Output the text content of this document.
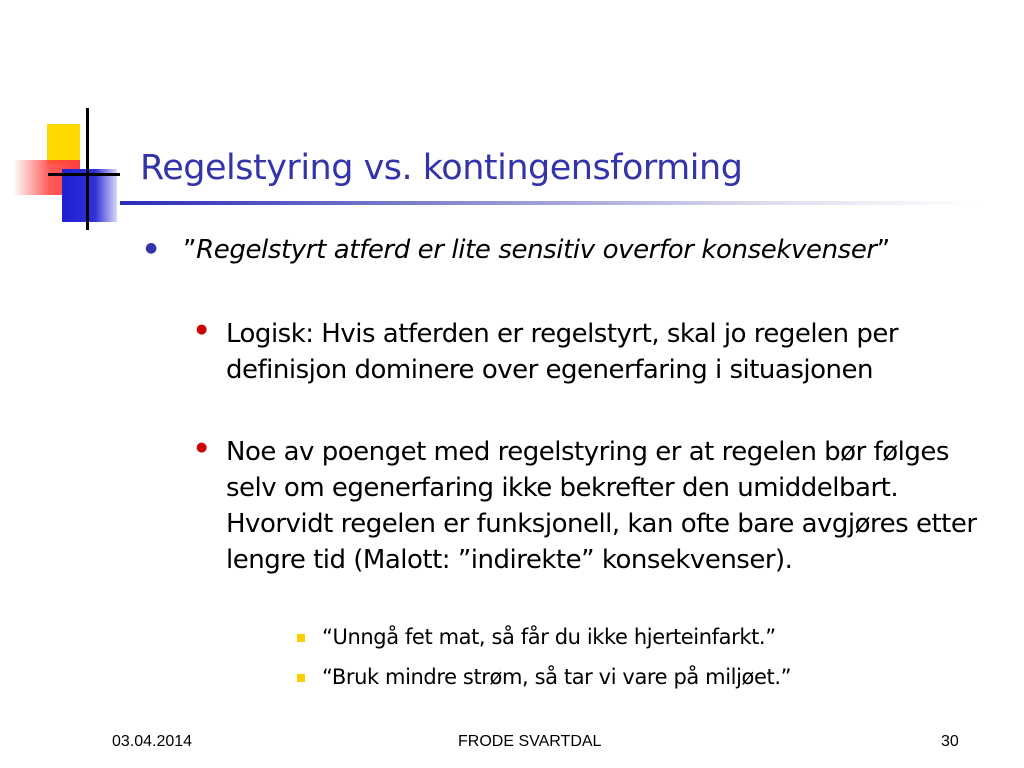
Regelstyring vs. kontingensforming
● ”Regelstyrt atferd er lite sensitiv overfor konsekvenser”
● Logisk: Hvis atferden er regelstyrt, skal jo regelen per definisjon dominere over egenerfaring i situasjonen
● Noe av poenget med regelstyring er at regelen bør følges selv om egenerfaring ikke bekrefter den umiddelbart. Hvorvidt regelen er funksjonell, kan ofte bare avgjøres etter lengre tid (Malott: ”indirekte” konsekvenser).
“Unngå fet mat, så får du ikke hjerteinfarkt.”
“Bruk mindre strøm, så tar vi vare på miljøet.”
03.04.2014	FRODE SVARTDAL	30
